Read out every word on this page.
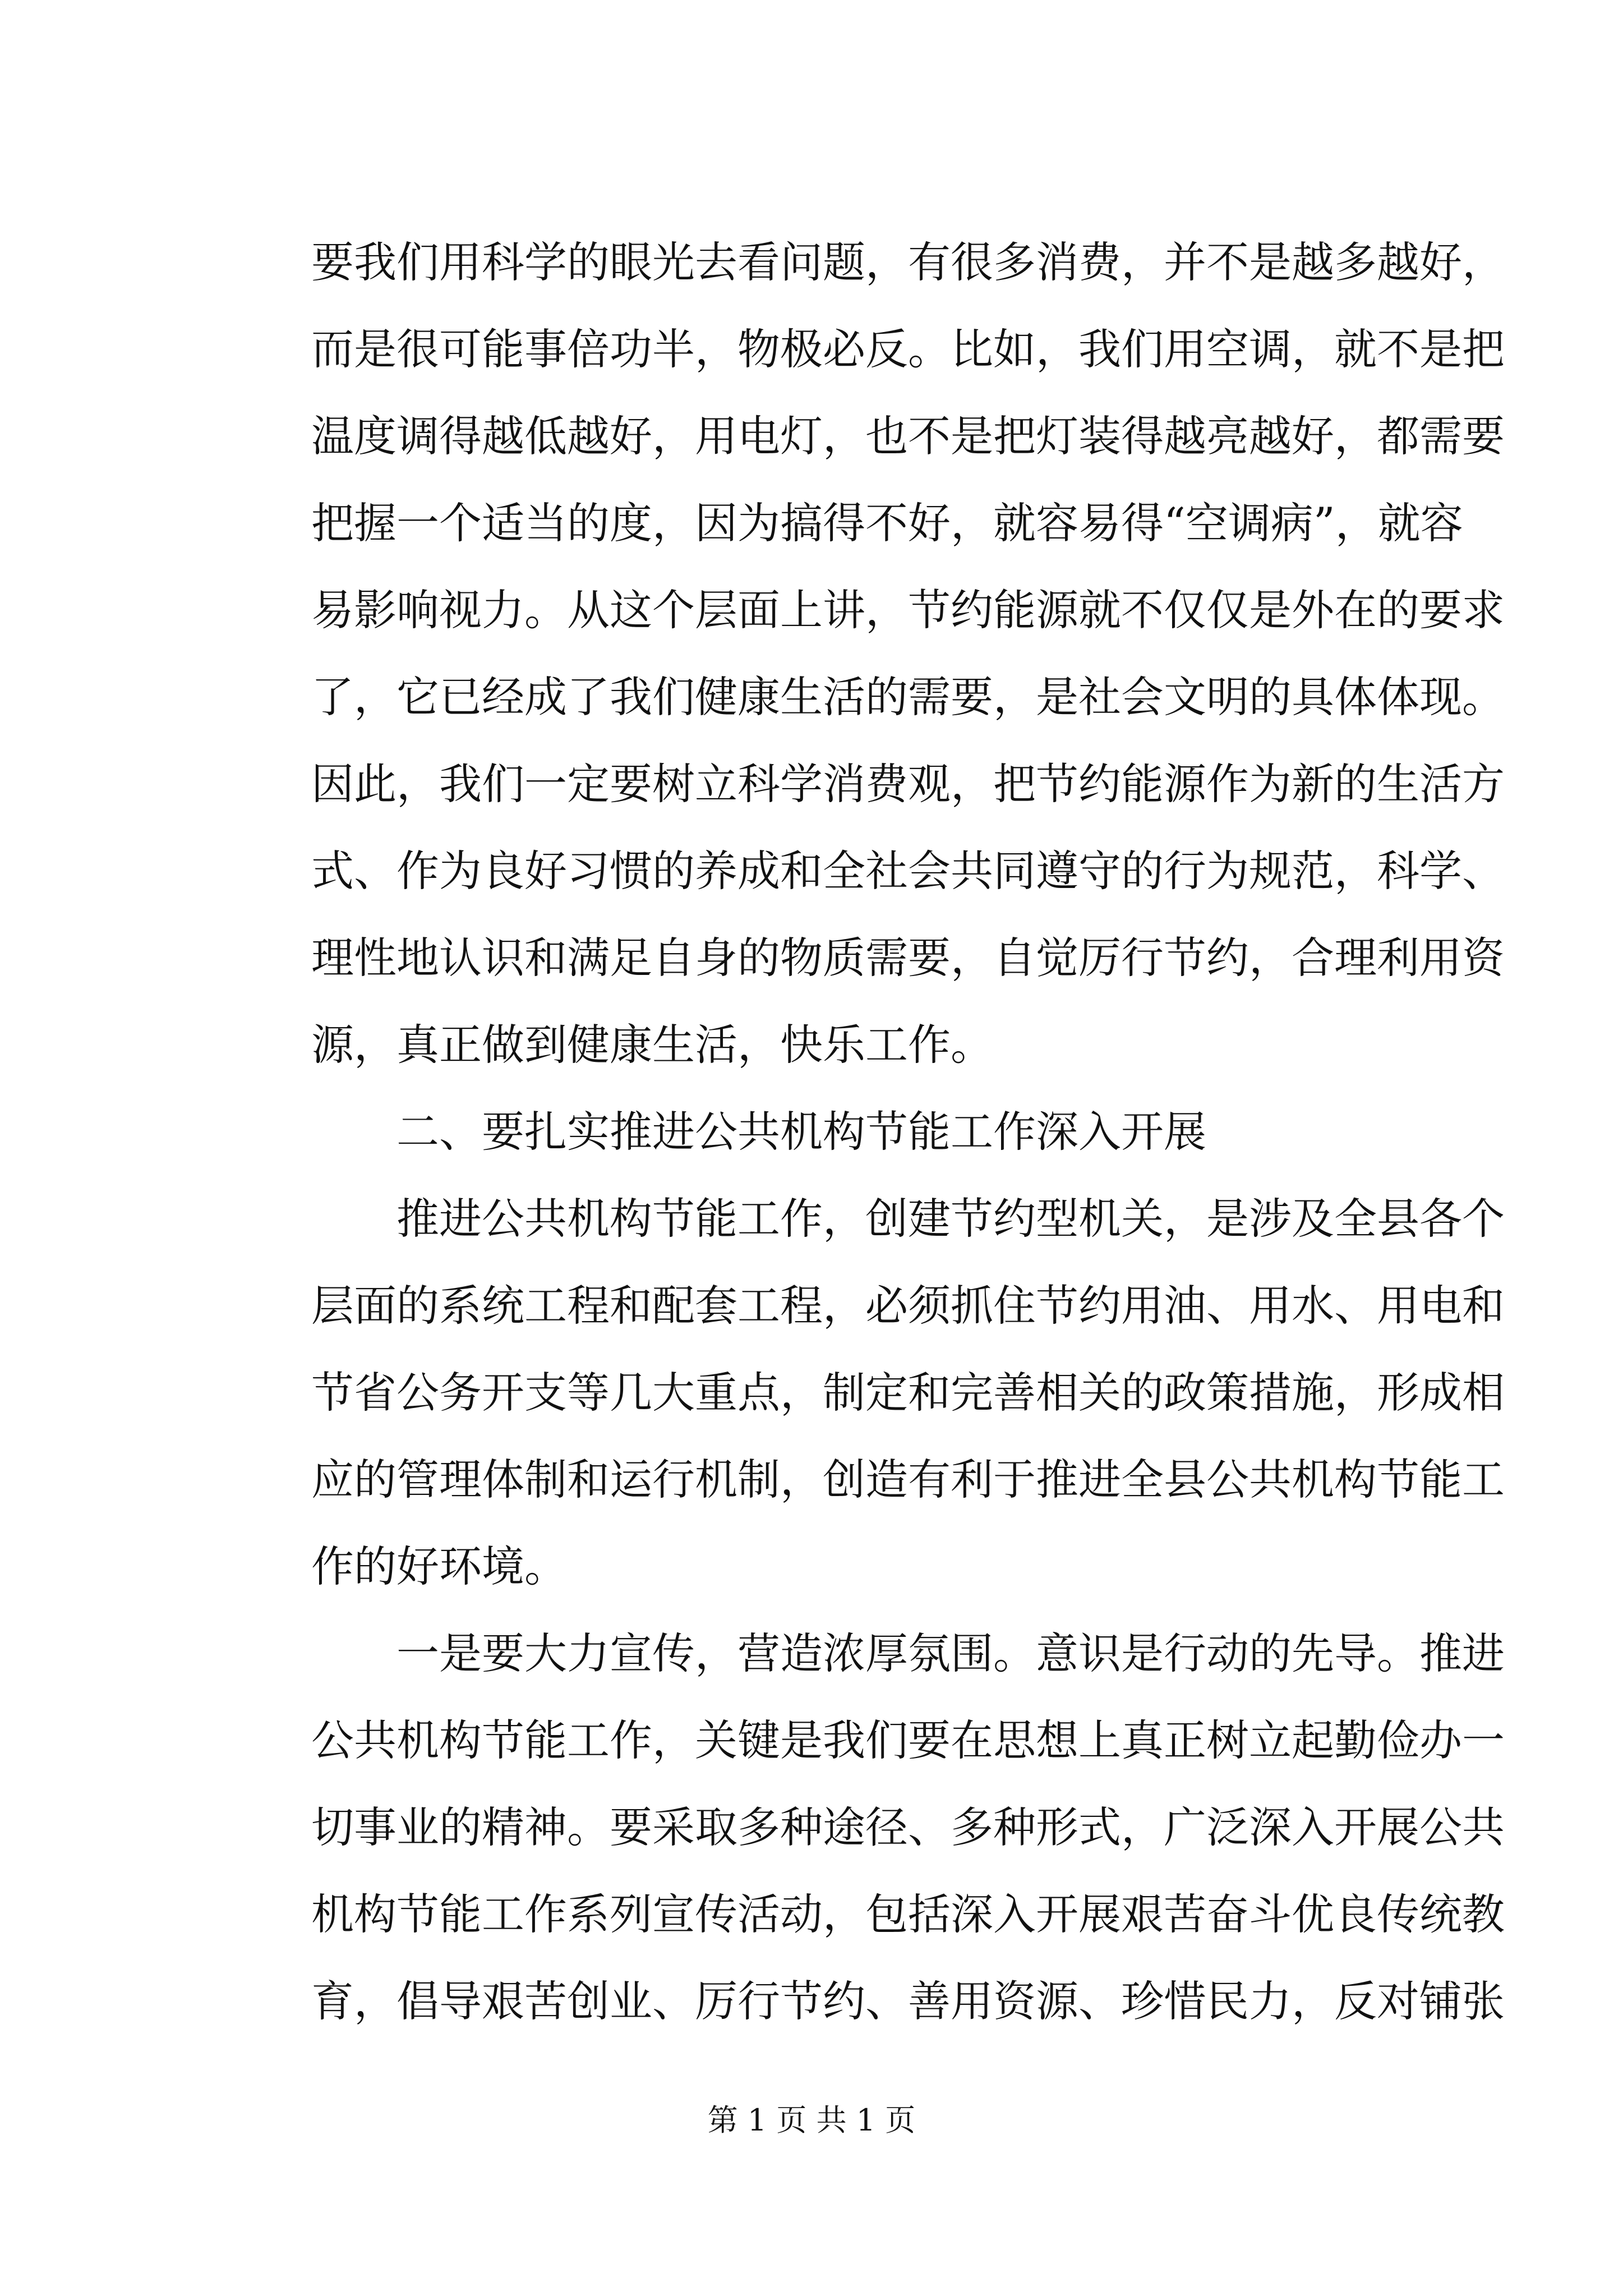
要我们用科学的眼光去看问题，有很多消费，并不是越多越好，
而是很可能事倍功半，物极必反。比如，我们用空调，就不是把
温度调得越低越好，用电灯，也不是把灯装得越亮越好，都需要
把握一个适当的度，因为搞得不好，就容易得“空调病”，就容
易影响视力。从这个层面上讲，节约能源就不仅仅是外在的要求
了，它已经成了我们健康生活的需要，是社会文明的具体体现。
因此，我们一定要树立科学消费观，把节约能源作为新的生活方
式、作为良好习惯的养成和全社会共同遵守的行为规范，科学、
理性地认识和满足自身的物质需要，自觉厉行节约，合理利用资
源，真正做到健康生活，快乐工作。
二、要扎实推进公共机构节能工作深入开展
推进公共机构节能工作，创建节约型机关，是涉及全县各个
层面的系统工程和配套工程，必须抓住节约用油、用水、用电和
节省公务开支等几大重点，制定和完善相关的政策措施，形成相
应的管理体制和运行机制，创造有利于推进全县公共机构节能工
作的好环境。
一是要大力宣传，营造浓厚氛围。意识是行动的先导。推进
公共机构节能工作，关键是我们要在思想上真正树立起勤俭办一
切事业的精神。要采取多种途径、多种形式，广泛深入开展公共
机构节能工作系列宣传活动，包括深入开展艰苦奋斗优良传统教
育，倡导艰苦创业、厉行节约、善用资源、珍惜民力，反对铺张
第 1 页 共 1 页
